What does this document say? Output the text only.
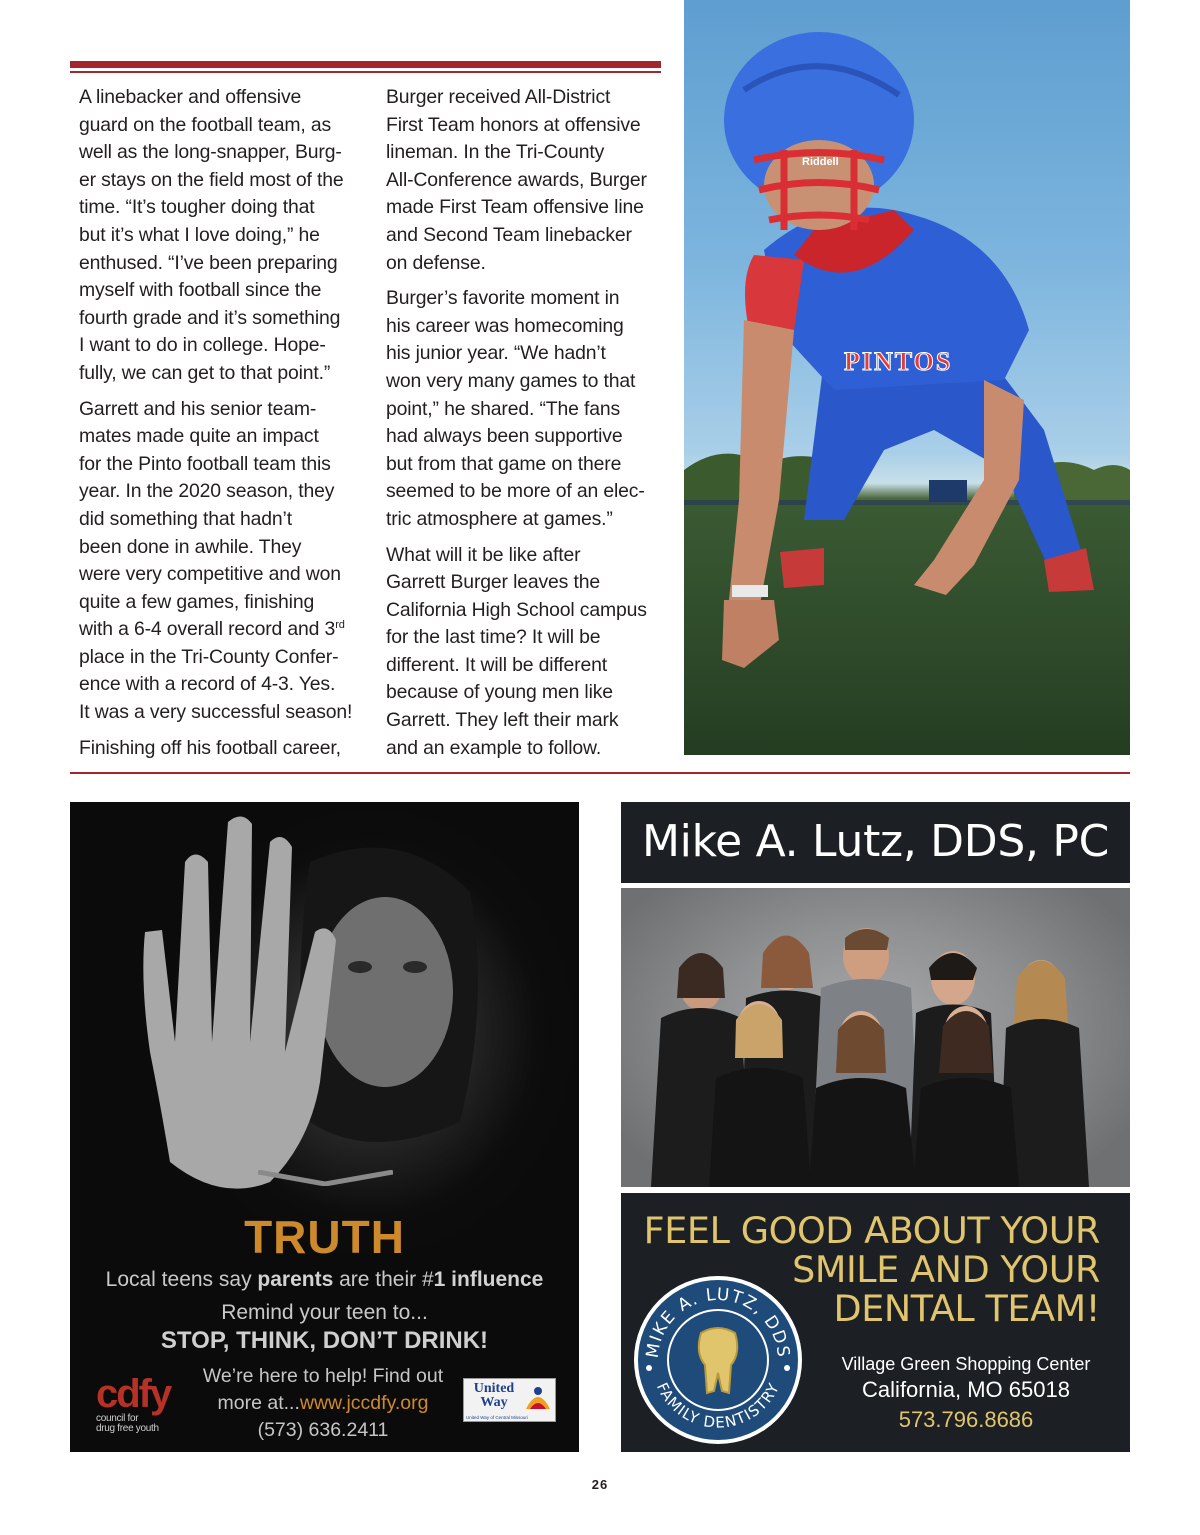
A linebacker and offensive
guard on the football team, as
well as the long-snapper, Burg-
er stays on the field most of the
time. “It’s tougher doing that
but it’s what I love doing,” he
enthused. “I’ve been preparing
myself with football since the
fourth grade and it’s something
I want to do in college. Hope-
fully, we can get to that point.”

Garrett and his senior team-
mates made quite an impact
for the Pinto football team this
year. In the 2020 season, they
did something that hadn’t
been done in awhile. They
were very competitive and won
quite a few games, finishing
with a 6-4 overall record and 3rd
place in the Tri-County Confer-
ence with a record of 4-3. Yes.
It was a very successful season!

Finishing off his football career,

Burger received All-District
First Team honors at offensive
lineman. In the Tri-County
All-Conference awards, Burger
made First Team offensive line
and Second Team linebacker
on defense.

Burger’s favorite moment in
his career was homecoming
his junior year. “We hadn’t
won very many games to that
point,” he shared. “The fans
had always been supportive
but from that game on there
seemed to be more of an elec-
tric atmosphere at games.”

What will it be like after
Garrett Burger leaves the
California High School campus
for the last time? It will be
different. It will be different
because of young men like
Garrett. They left their mark
and an example to follow.

PINTOS
Riddell
TRUTH
Local teens say parents are their #1 influence
Remind your teen to...
STOP, THINK, DON’T DRINK!
cdfy
council for
drug free youth
We’re here to help! Find out
more at...www.jccdfy.org
(573) 636.2411
United
Way
United Way of Central Missouri
Mike A. Lutz, DDS, PC
FEEL GOOD ABOUT YOUR
SMILE AND YOUR
DENTAL TEAM!
MIKE A. LUTZ, DDS
FAMILY DENTISTRY
Village Green Shopping Center
California, MO 65018
573.796.8686
26
